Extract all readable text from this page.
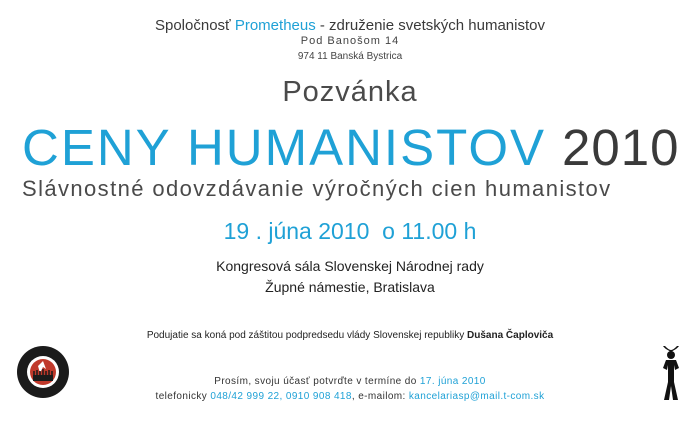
Spoločnosť Prometheus - združenie svetských humanistov
Pod Banošom 14
974 11 Banská Bystrica
Pozvánka
CENY HUMANISTOV 2010
Slávnostné odovzdávanie výročných cien humanistov
19 . júna 2010  o 11.00 h
Kongresová sála Slovenskej Národnej rady
Župné námestie, Bratislava
Podujatie sa koná pod záštitou podpredsedu vlády Slovenskej republiky Dušana Čaploviča
Prosím, svoju účasť potvrďte v termíne do 17. júna 2010
telefonicky 048/42 999 22, 0910 908 418, e-mailom: kancelariasp@mail.t-com.sk
